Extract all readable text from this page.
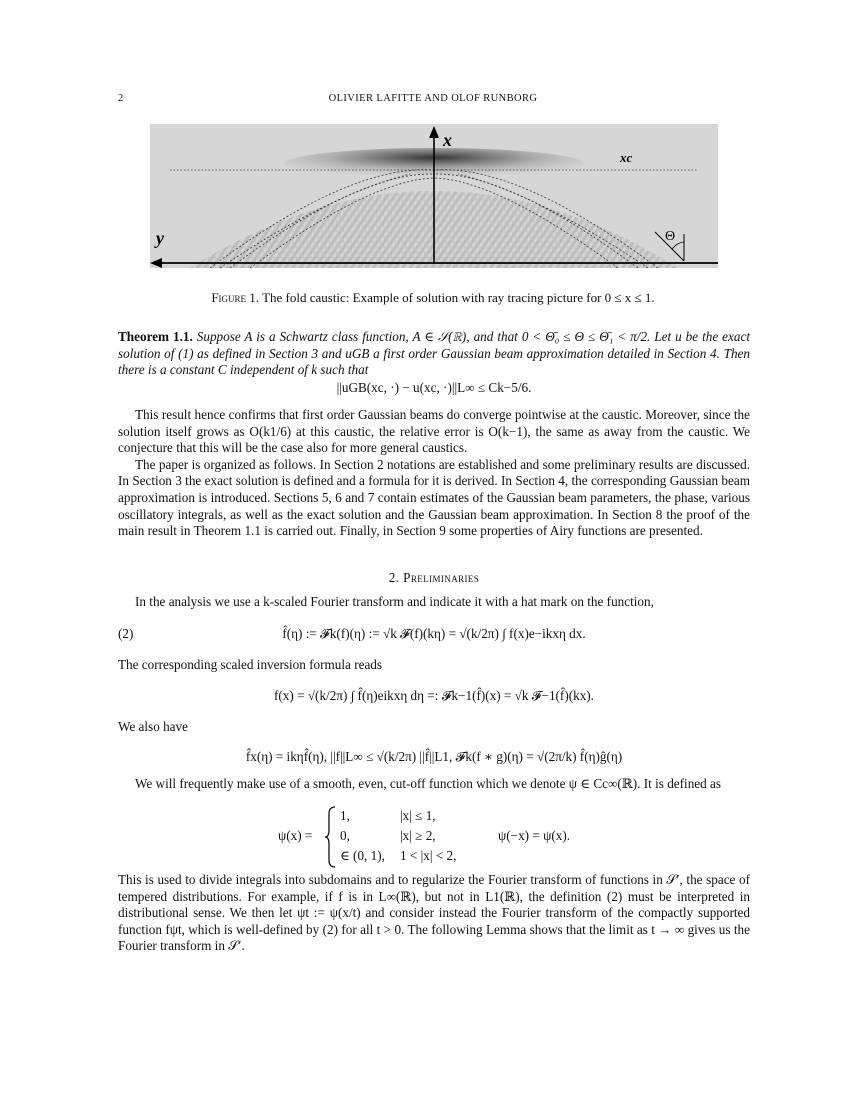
2	OLIVIER LAFITTE AND OLOF RUNBORG
x
xc
y	Θ
Figure 1. The fold caustic: Example of solution with ray tracing picture for 0 ≤ x ≤ 1.

Theorem 1.1. Suppose A is a Schwartz class function, A ∈ 𝒮(ℝ), and that 0 < Θ̄₀ ≤ Θ ≤ Θ̄₁ < π/2. Let u be the exact solution of (1) as defined in Section 3 and uGB a first order Gaussian beam approximation detailed in Section 4. Then there is a constant C independent of k such that

||uGB(xc, ·) − u(xc, ·)||L∞ ≤ Ck−5/6.

This result hence confirms that first order Gaussian beams do converge pointwise at the caustic. Moreover, since the solution itself grows as O(k1/6) at this caustic, the relative error is O(k−1), the same as away from the caustic. We conjecture that this will be the case also for more general caustics.

The paper is organized as follows. In Section 2 notations are established and some preliminary results are discussed. In Section 3 the exact solution is defined and a formula for it is derived. In Section 4, the corresponding Gaussian beam approximation is introduced. Sections 5, 6 and 7 contain estimates of the Gaussian beam parameters, the phase, various oscillatory integrals, as well as the exact solution and the Gaussian beam approximation. In Section 8 the proof of the main result in Theorem 1.1 is carried out. Finally, in Section 9 some properties of Airy functions are presented.

2. Preliminaries

In the analysis we use a k-scaled Fourier transform and indicate it with a hat mark on the function,

(2)	f̂(η) := 𝓕k(f)(η) := √k 𝓕(f)(kη) = √(k/2π) ∫ f(x)e−ikxη dx.

The corresponding scaled inversion formula reads

f(x) = √(k/2π) ∫ f̂(η)eikxη dη =: 𝓕k−1(f̂)(x) = √k 𝓕−1(f̂)(kx).

We also have

f̂x(η) = ikηf̂(η), ||f||L∞ ≤ √(k/2π) ||f̂||L1, 𝓕k(f ∗ g)(η) = √(2π/k) f̂(η)ĝ(η)

We will frequently make use of a smooth, even, cut-off function which we denote ψ ∈ Cc∞(ℝ). It is defined as

ψ(x) =
1,	|x| ≤ 1,
0,	|x| ≥ 2,
∈ (0, 1), 1 < |x| < 2,
ψ(−x) = ψ(x).

This is used to divide integrals into subdomains and to regularize the Fourier transform of functions in 𝒮′, the space of tempered distributions. For example, if f is in L∞(ℝ), but not in L1(ℝ), the definition (2) must be interpreted in distributional sense. We then let ψt := ψ(x/t) and consider instead the Fourier transform of the compactly supported function fψt, which is well-defined by (2) for all t > 0. The following Lemma shows that the limit as t → ∞ gives us the Fourier transform in 𝒮′.
